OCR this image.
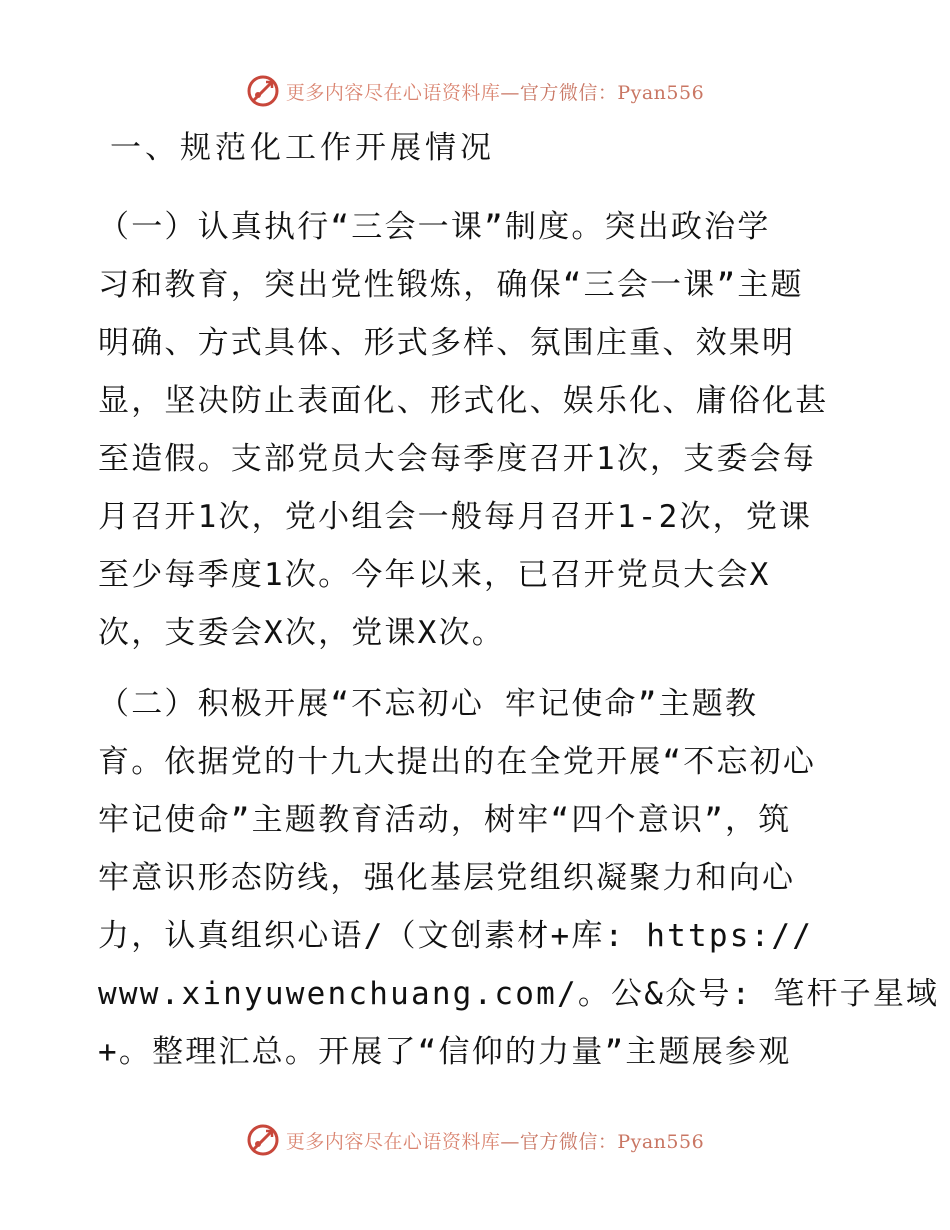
更多内容尽在心语资料库—官方微信：Pyan556
一、规范化工作开展情况
（一）认真执行“三会一课”制度。突出政治学
习和教育，突出党性锻炼，确保“三会一课”主题
明确、方式具体、形式多样、氛围庄重、效果明
显，坚决防止表面化、形式化、娱乐化、庸俗化甚
至造假。支部党员大会每季度召开1次，支委会每
月召开1次，党小组会一般每月召开1-2次，党课
至少每季度1次。今年以来，已召开党员大会X
次，支委会X次，党课X次。
（二）积极开展“不忘初心 牢记使命”主题教
育。依据党的十九大提出的在全党开展“不忘初心
牢记使命”主题教育活动，树牢“四个意识”，筑
牢意识形态防线，强化基层党组织凝聚力和向心
力，认真组织心语/（文创素材+库: https://
www.xinyuwenchuang.com/。公&众号: 笔杆子星域
+。整理汇总。开展了“信仰的力量”主题展参观
更多内容尽在心语资料库—官方微信：Pyan556
